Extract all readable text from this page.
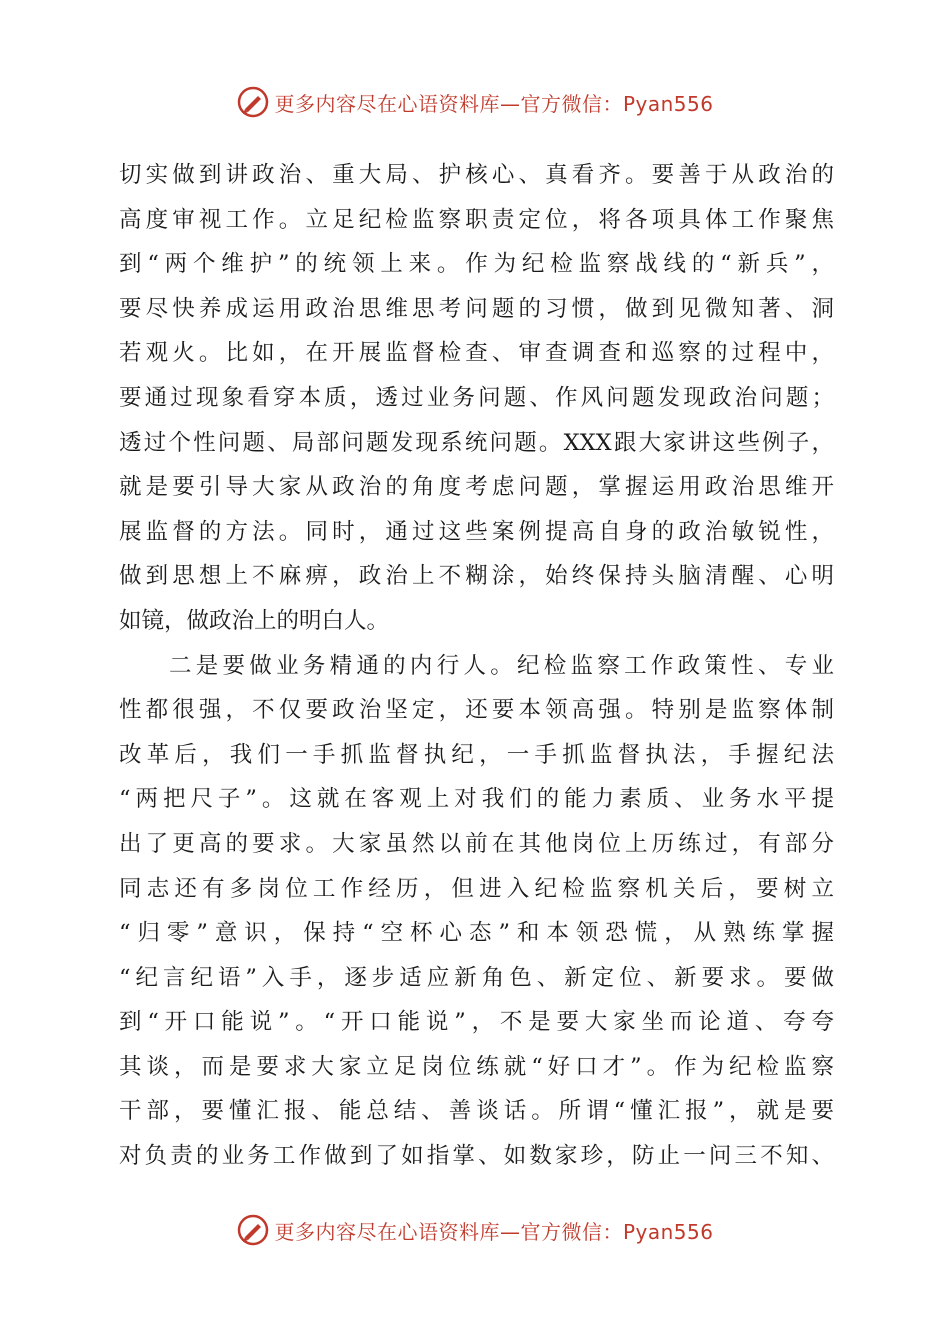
更多内容尽在心语资料库—官方微信：Pyan556
切实做到讲政治、重大局、护核心、真看齐。要善于从政治的
高度审视工作。立足纪检监察职责定位，将各项具体工作聚焦
到“两个维护”的统领上来。作为纪检监察战线的“新兵”，
要尽快养成运用政治思维思考问题的习惯，做到见微知著、洞
若观火。比如，在开展监督检查、审查调查和巡察的过程中，
要通过现象看穿本质，透过业务问题、作风问题发现政治问题；
透过个性问题、局部问题发现系统问题。XXX跟大家讲这些例子，
就是要引导大家从政治的角度考虑问题，掌握运用政治思维开
展监督的方法。同时，通过这些案例提高自身的政治敏锐性，
做到思想上不麻痹，政治上不糊涂，始终保持头脑清醒、心明
如镜，做政治上的明白人。
二是要做业务精通的内行人。纪检监察工作政策性、专业
性都很强，不仅要政治坚定，还要本领高强。特别是监察体制
改革后，我们一手抓监督执纪，一手抓监督执法，手握纪法
“两把尺子”。这就在客观上对我们的能力素质、业务水平提
出了更高的要求。大家虽然以前在其他岗位上历练过，有部分
同志还有多岗位工作经历，但进入纪检监察机关后，要树立
“归零”意识，保持“空杯心态”和本领恐慌，从熟练掌握
“纪言纪语”入手，逐步适应新角色、新定位、新要求。要做
到“开口能说”。“开口能说”，不是要大家坐而论道、夸夸
其谈，而是要求大家立足岗位练就“好口才”。作为纪检监察
干部，要懂汇报、能总结、善谈话。所谓“懂汇报”，就是要
对负责的业务工作做到了如指掌、如数家珍，防止一问三不知、
更多内容尽在心语资料库—官方微信：Pyan556
